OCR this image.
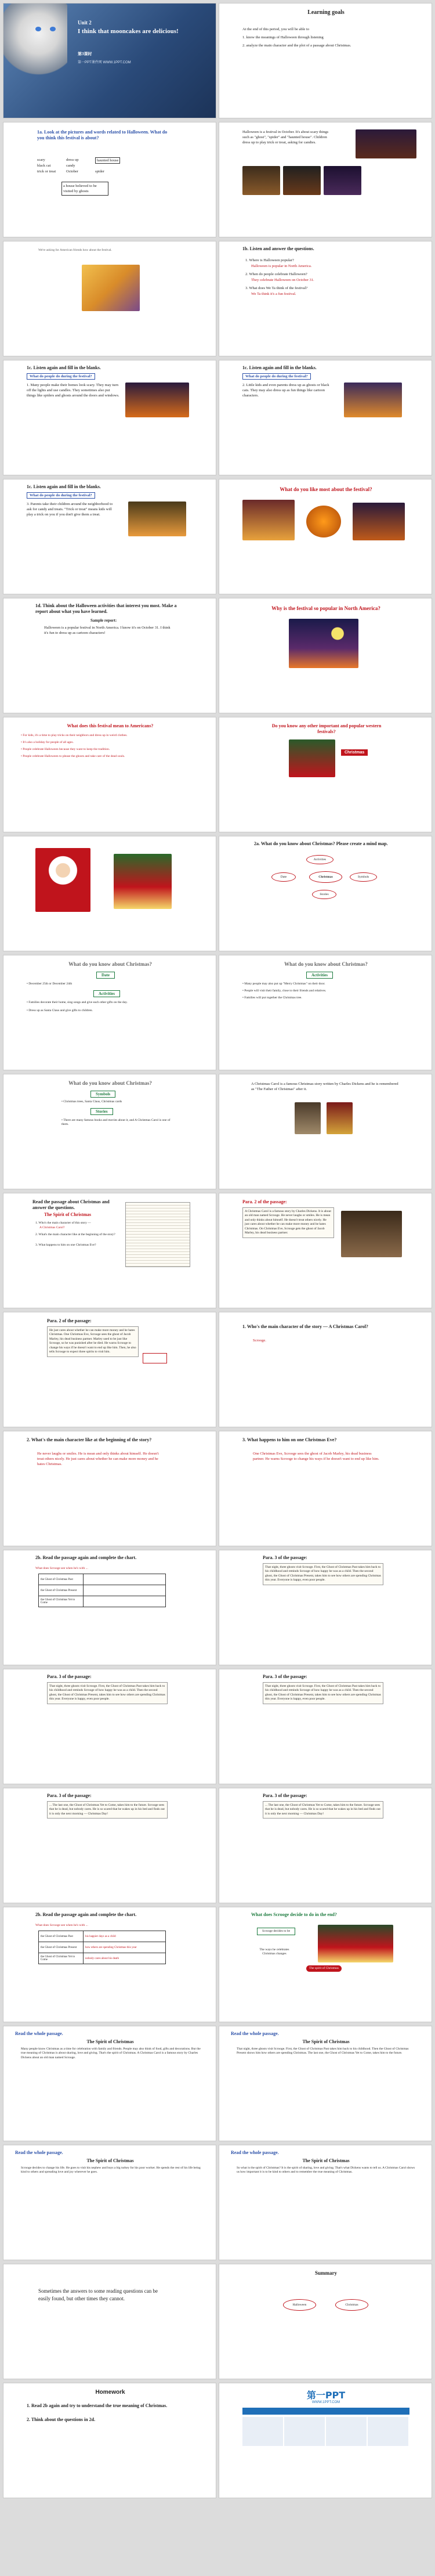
Unit 2
I think that mooncakes are delicious!
第3课时
第一PPT课件网 WWW.1PPT.COM
Learning goals
At the end of this period, you will be able to
1. know the meanings of Halloween through listening
2. analyze the main character and the plot of a passage about Christmas.
1a. Look at the pictures and words related to Halloween. What do you think this festival is about?
scary
black cat
trick or treat
dress up
candy
October
haunted house
spider
a house believed to be visited by ghosts
Halloween is a festival in October. It's about scary things such as "ghost", "spider" and "haunted house". Children dress up to play trick or treat, asking for candies.
We're asking for American friends how about the festival.	1b. Listen and answer the questions.
1. Where is Halloween popular?
Halloween is popular in North America.
2. When do people celebrate Halloween?
They celebrate Halloween on October 31.
3. What does We Ta think of the festival?
We Ta think it's a fun festival.
1c. Listen again and fill in the blanks.
What do people do during the festival?
1. Many people make their homes look scary. They may turn off the lights and use candles. They sometimes also put things like spiders and ghosts around the doors and windows.
1c. Listen again and fill in the blanks.
What do people do during the festival?
2. Little kids and even parents dress up as ghosts or black cats. They may also dress up as fun things like cartoon characters.
1c. Listen again and fill in the blanks.
What do people do during the festival?
3. Parents take their children around the neighborhood to ask for candy and treats. "Trick or treat" means kids will play a trick on you if you don't give them a treat.
What do you like most about the festival?
1d. Think about the Halloween activities that interest you most. Make a report about what you have learned.
Sample report:
Halloween is a popular festival in North America. I know it's on October 31. I think it's fun to dress up as cartoon characters!
Why is the festival so popular in North America?
What does this festival mean to Americans?
• For kids, it's a time to play tricks on their neighbors and dress up in weird clothes.
• It's also a holiday for people of all ages.
• People celebrate Halloween because they want to keep the tradition.
• People celebrate Halloween to please the ghosts and take care of the dead souls.
Do you know any other important and popular western festivals?
Christmas
2a. What do you know about Christmas? Please create a mind map.
Christmas
Activities
Date	Symbols
Stories
What do you know about Christmas?
Date
• December 25th or December 24th
Activities
• Families decorate their home, sing songs and give each other gifts on the day.
• Dress up as Santa Claus and give gifts to children.
What do you know about Christmas?
Activities
• Many people may also put up "Merry Christmas" on their door.
• People will visit their family, close to their friends and relatives.
• Families will put together the Christmas tree.
What do you know about Christmas?
Symbols
• Christmas trees, Santa Claus, Christmas cards
Stories
• There are many famous books and movies about it, and A Christmas Carol is one of them.
A Christmas Carol is a famous Christmas story written by Charles Dickens and he is remembered as "The Father of Christmas" after it.
Read the passage about Christmas and answer the questions.
The Spirit of Christmas
1. Who's the main character of this story —
A Christmas Carol?
2. What's the main character like at the beginning of the story?
3. What happens to him on one Christmas Eve?
Para. 2 of the passage:
A Christmas Carol is a famous story by Charles Dickens. It is about an old man named Scrooge. He never laughs or smiles. He is mean and only thinks about himself. He doesn't treat others nicely. He just cares about whether he can make more money and he hates Christmas. On Christmas Eve, Scrooge gets the ghost of Jacob Marley, his dead business partner.
Para. 2 of the passage:
He just cares about whether he can make more money and he hates Christmas. One Christmas Eve, Scrooge sees the ghost of Jacob Marley, his dead business partner. Marley used to be just like Scrooge, so he was punished after he died. He warns Scrooge to change his ways if he doesn't want to end up like him. Then, he also tells Scrooge to expect three spirits to visit him.
1. Who's the main character of the story — A Christmas Carol?
Scrooge.
2. What's the main character like at the beginning of the story?
He never laughs or smiles. He is mean and only thinks about himself. He doesn't treat others nicely. He just cares about whether he can make more money and he hates Christmas.
3. What happens to him on one Christmas Eve?
One Christmas Eve, Scrooge sees the ghost of Jacob Marley, his dead business partner. He warns Scrooge to change his ways if he doesn't want to end up like him.
2b. Read the passage again and complete the chart.
What does Scrooge see when he's with ...
the Ghost of Christmas Past	
the Ghost of Christmas Present	
the Ghost of Christmas Yet to Come	
Para. 3 of the passage:
That night, three ghosts visit Scrooge. First, the Ghost of Christmas Past takes him back to his childhood and reminds Scrooge of how happy he was as a child. Then the second ghost, the Ghost of Christmas Present, takes him to see how others are spending Christmas this year. Everyone is happy, even poor people.
Para. 3 of the passage:
That night, three ghosts visit Scrooge. First, the Ghost of Christmas Past takes him back to his childhood and reminds Scrooge of how happy he was as a child. Then the second ghost, the Ghost of Christmas Present, takes him to see how others are spending Christmas this year. Everyone is happy, even poor people.
Para. 3 of the passage:
That night, three ghosts visit Scrooge. First, the Ghost of Christmas Past takes him back to his childhood and reminds Scrooge of how happy he was as a child. Then the second ghost, the Ghost of Christmas Present, takes him to see how others are spending Christmas this year. Everyone is happy, even poor people.
Para. 3 of the passage:
... The last one, the Ghost of Christmas Yet to Come, takes him to the future. Scrooge sees that he is dead, but nobody cares. He is so scared that he wakes up in his bed and finds out it is only the next morning — Christmas Day!
Para. 3 of the passage:
... The last one, the Ghost of Christmas Yet to Come, takes him to the future. Scrooge sees that he is dead, but nobody cares. He is so scared that he wakes up in his bed and finds out it is only the next morning — Christmas Day!
2b. Read the passage again and complete the chart.
What does Scrooge see when he's with ...
the Ghost of Christmas Past	his happier days as a child
the Ghost of Christmas Present	how others are spending Christmas this year
the Ghost of Christmas Yet to Come	nobody cares about his death
What does Scrooge decide to do in the end?
Scrooge decides to be
The ways he celebrates Christmas changes
The spirit of Christmas
Read the whole passage.
The Spirit of Christmas
Many people know Christmas as a time for celebration with family and friends. People may also think of food, gifts and decorations. But the true meaning of Christmas is about sharing, love and giving. That's the spirit of Christmas. A Christmas Carol is a famous story by Charles Dickens about an old man named Scrooge.
Read the whole passage.
The Spirit of Christmas
That night, three ghosts visit Scrooge. First, the Ghost of Christmas Past takes him back to his childhood. Then the Ghost of Christmas Present shows him how others are spending Christmas. The last one, the Ghost of Christmas Yet to Come, takes him to the future.
Read the whole passage.
The Spirit of Christmas
Scrooge decides to change his life. He goes to visit his nephew and buys a big turkey for his poor worker. He spends the rest of his life being kind to others and spreading love and joy wherever he goes.
Read the whole passage.
The Spirit of Christmas
So what is the spirit of Christmas? It is the spirit of sharing, love and giving. That's what Dickens wants to tell us. A Christmas Carol shows us how important it is to be kind to others and to remember the true meaning of Christmas.
Sometimes the answers to some reading questions can be easily found, but other times they cannot.
Summary
Halloween	Christmas
Homework
1. Read 2b again and try to understand the true meaning of Christmas.
2. Think about the questions in 2d.
第一PPT
WWW.1PPT.COM
